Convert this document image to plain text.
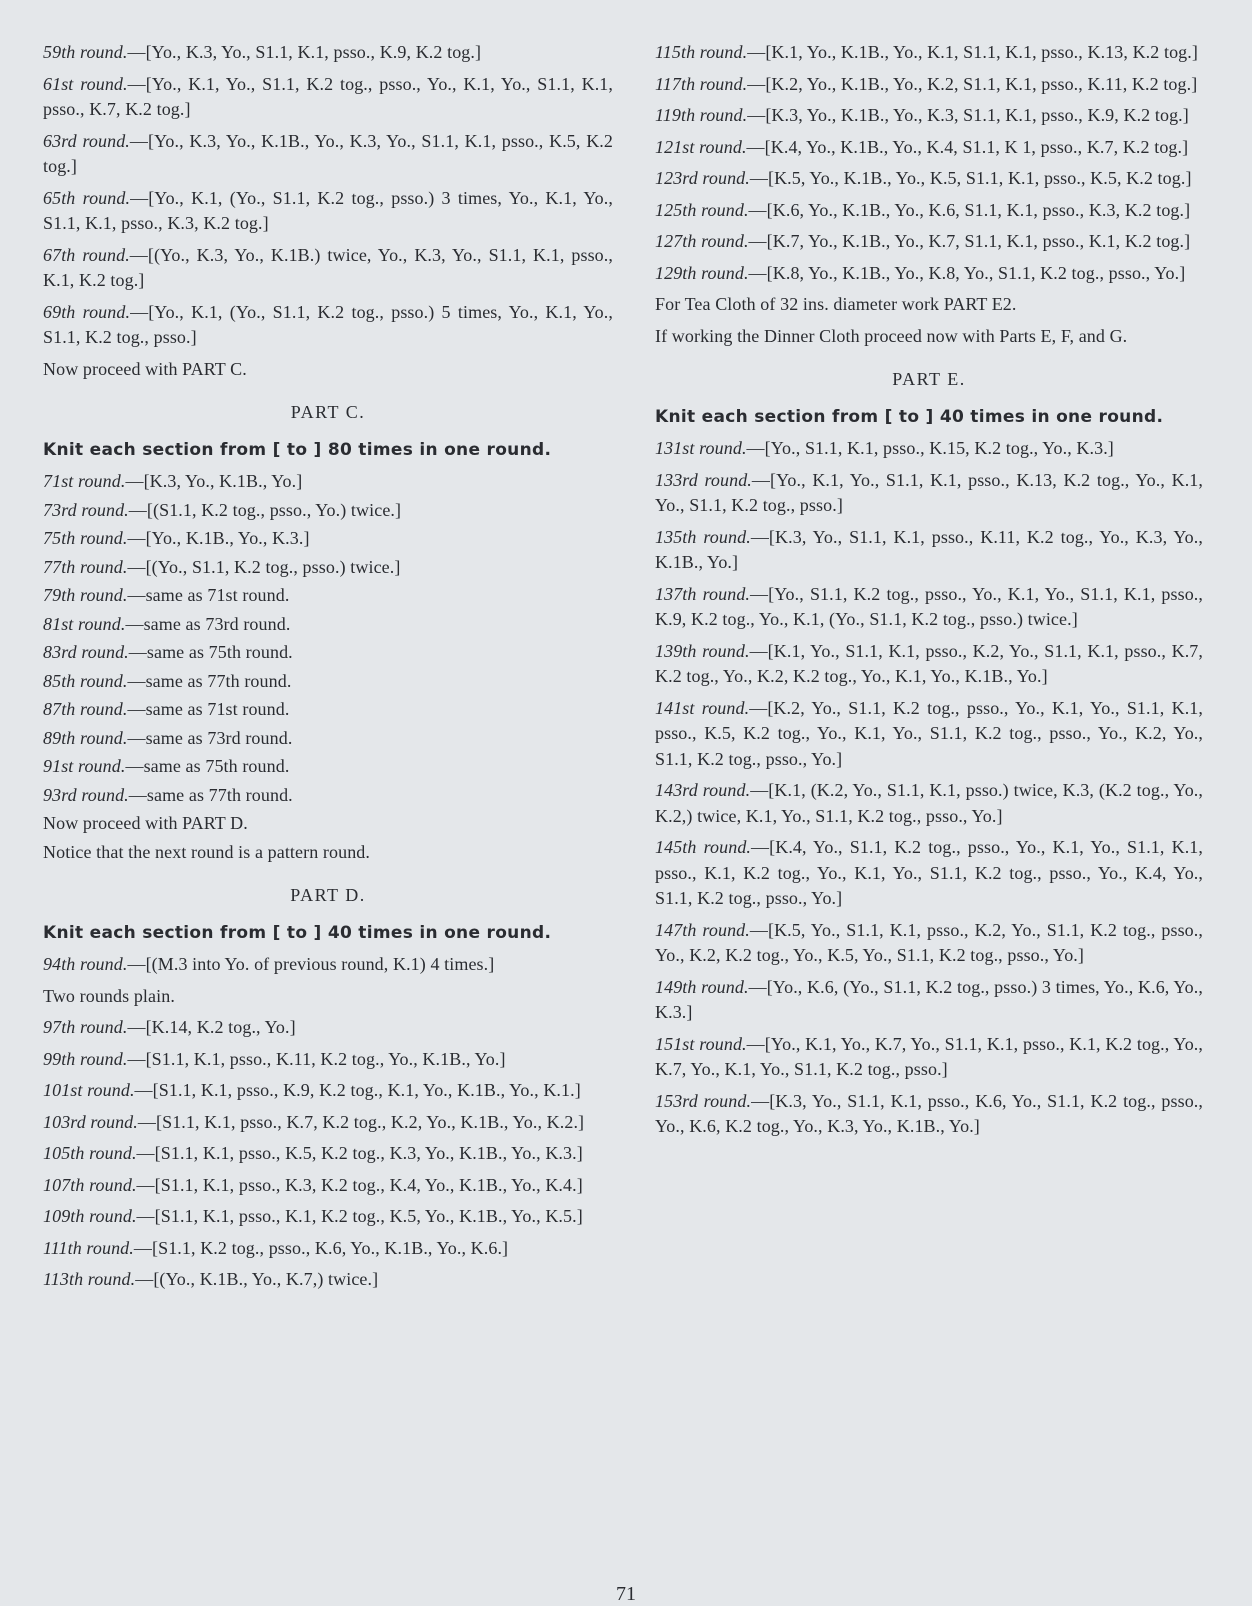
59th round.—[Yo., K.3, Yo., S1.1, K.1, psso., K.9, K.2 tog.]

61st round.—[Yo., K.1, Yo., S1.1, K.2 tog., psso., Yo., K.1, Yo., S1.1, K.1, psso., K.7, K.2 tog.]

63rd round.—[Yo., K.3, Yo., K.1B., Yo., K.3, Yo., S1.1, K.1, psso., K.5, K.2 tog.]

65th round.—[Yo., K.1, (Yo., S1.1, K.2 tog., psso.) 3 times, Yo., K.1, Yo., S1.1, K.1, psso., K.3, K.2 tog.]

67th round.—[(Yo., K.3, Yo., K.1B.) twice, Yo., K.3, Yo., S1.1, K.1, psso., K.1, K.2 tog.]

69th round.—[Yo., K.1, (Yo., S1.1, K.2 tog., psso.) 5 times, Yo., K.1, Yo., S1.1, K.2 tog., psso.]

Now proceed with PART C.

PART C.

Knit each section from [ to ] 80 times in one round.

71st round.—[K.3, Yo., K.1B., Yo.]

73rd round.—[(S1.1, K.2 tog., psso., Yo.) twice.]

75th round.—[Yo., K.1B., Yo., K.3.]

77th round.—[(Yo., S1.1, K.2 tog., psso.) twice.]

79th round.—same as 71st round.

81st round.—same as 73rd round.

83rd round.—same as 75th round.

85th round.—same as 77th round.

87th round.—same as 71st round.

89th round.—same as 73rd round.

91st round.—same as 75th round.

93rd round.—same as 77th round.

Now proceed with PART D.

Notice that the next round is a pattern round.

PART D.

Knit each section from [ to ] 40 times in one round.

94th round.—[(M.3 into Yo. of previous round, K.1) 4 times.]

Two rounds plain.

97th round.—[K.14, K.2 tog., Yo.]

99th round.—[S1.1, K.1, psso., K.11, K.2 tog., Yo., K.1B., Yo.]

101st round.—[S1.1, K.1, psso., K.9, K.2 tog., K.1, Yo., K.1B., Yo., K.1.]

103rd round.—[S1.1, K.1, psso., K.7, K.2 tog., K.2, Yo., K.1B., Yo., K.2.]

105th round.—[S1.1, K.1, psso., K.5, K.2 tog., K.3, Yo., K.1B., Yo., K.3.]

107th round.—[S1.1, K.1, psso., K.3, K.2 tog., K.4, Yo., K.1B., Yo., K.4.]

109th round.—[S1.1, K.1, psso., K.1, K.2 tog., K.5, Yo., K.1B., Yo., K.5.]

111th round.—[S1.1, K.2 tog., psso., K.6, Yo., K.1B., Yo., K.6.]

113th round.—[(Yo., K.1B., Yo., K.7,) twice.]

115th round.—[K.1, Yo., K.1B., Yo., K.1, S1.1, K.1, psso., K.13, K.2 tog.]

117th round.—[K.2, Yo., K.1B., Yo., K.2, S1.1, K.1, psso., K.11, K.2 tog.]

119th round.—[K.3, Yo., K.1B., Yo., K.3, S1.1, K.1, psso., K.9, K.2 tog.]

121st round.—[K.4, Yo., K.1B., Yo., K.4, S1.1, K 1, psso., K.7, K.2 tog.]

123rd round.—[K.5, Yo., K.1B., Yo., K.5, S1.1, K.1, psso., K.5, K.2 tog.]

125th round.—[K.6, Yo., K.1B., Yo., K.6, S1.1, K.1, psso., K.3, K.2 tog.]

127th round.—[K.7, Yo., K.1B., Yo., K.7, S1.1, K.1, psso., K.1, K.2 tog.]

129th round.—[K.8, Yo., K.1B., Yo., K.8, Yo., S1.1, K.2 tog., psso., Yo.]

For Tea Cloth of 32 ins. diameter work PART E2.

If working the Dinner Cloth proceed now with Parts E, F, and G.

PART E.

Knit each section from [ to ] 40 times in one round.

131st round.—[Yo., S1.1, K.1, psso., K.15, K.2 tog., Yo., K.3.]

133rd round.—[Yo., K.1, Yo., S1.1, K.1, psso., K.13, K.2 tog., Yo., K.1, Yo., S1.1, K.2 tog., psso.]

135th round.—[K.3, Yo., S1.1, K.1, psso., K.11, K.2 tog., Yo., K.3, Yo., K.1B., Yo.]

137th round.—[Yo., S1.1, K.2 tog., psso., Yo., K.1, Yo., S1.1, K.1, psso., K.9, K.2 tog., Yo., K.1, (Yo., S1.1, K.2 tog., psso.) twice.]

139th round.—[K.1, Yo., S1.1, K.1, psso., K.2, Yo., S1.1, K.1, psso., K.7, K.2 tog., Yo., K.2, K.2 tog., Yo., K.1, Yo., K.1B., Yo.]

141st round.—[K.2, Yo., S1.1, K.2 tog., psso., Yo., K.1, Yo., S1.1, K.1, psso., K.5, K.2 tog., Yo., K.1, Yo., S1.1, K.2 tog., psso., Yo., K.2, Yo., S1.1, K.2 tog., psso., Yo.]

143rd round.—[K.1, (K.2, Yo., S1.1, K.1, psso.) twice, K.3, (K.2 tog., Yo., K.2,) twice, K.1, Yo., S1.1, K.2 tog., psso., Yo.]

145th round.—[K.4, Yo., S1.1, K.2 tog., psso., Yo., K.1, Yo., S1.1, K.1, psso., K.1, K.2 tog., Yo., K.1, Yo., S1.1, K.2 tog., psso., Yo., K.4, Yo., S1.1, K.2 tog., psso., Yo.]

147th round.—[K.5, Yo., S1.1, K.1, psso., K.2, Yo., S1.1, K.2 tog., psso., Yo., K.2, K.2 tog., Yo., K.5, Yo., S1.1, K.2 tog., psso., Yo.]

149th round.—[Yo., K.6, (Yo., S1.1, K.2 tog., psso.) 3 times, Yo., K.6, Yo., K.3.]

151st round.—[Yo., K.1, Yo., K.7, Yo., S1.1, K.1, psso., K.1, K.2 tog., Yo., K.7, Yo., K.1, Yo., S1.1, K.2 tog., psso.]

153rd round.—[K.3, Yo., S1.1, K.1, psso., K.6, Yo., S1.1, K.2 tog., psso., Yo., K.6, K.2 tog., Yo., K.3, Yo., K.1B., Yo.]

71
